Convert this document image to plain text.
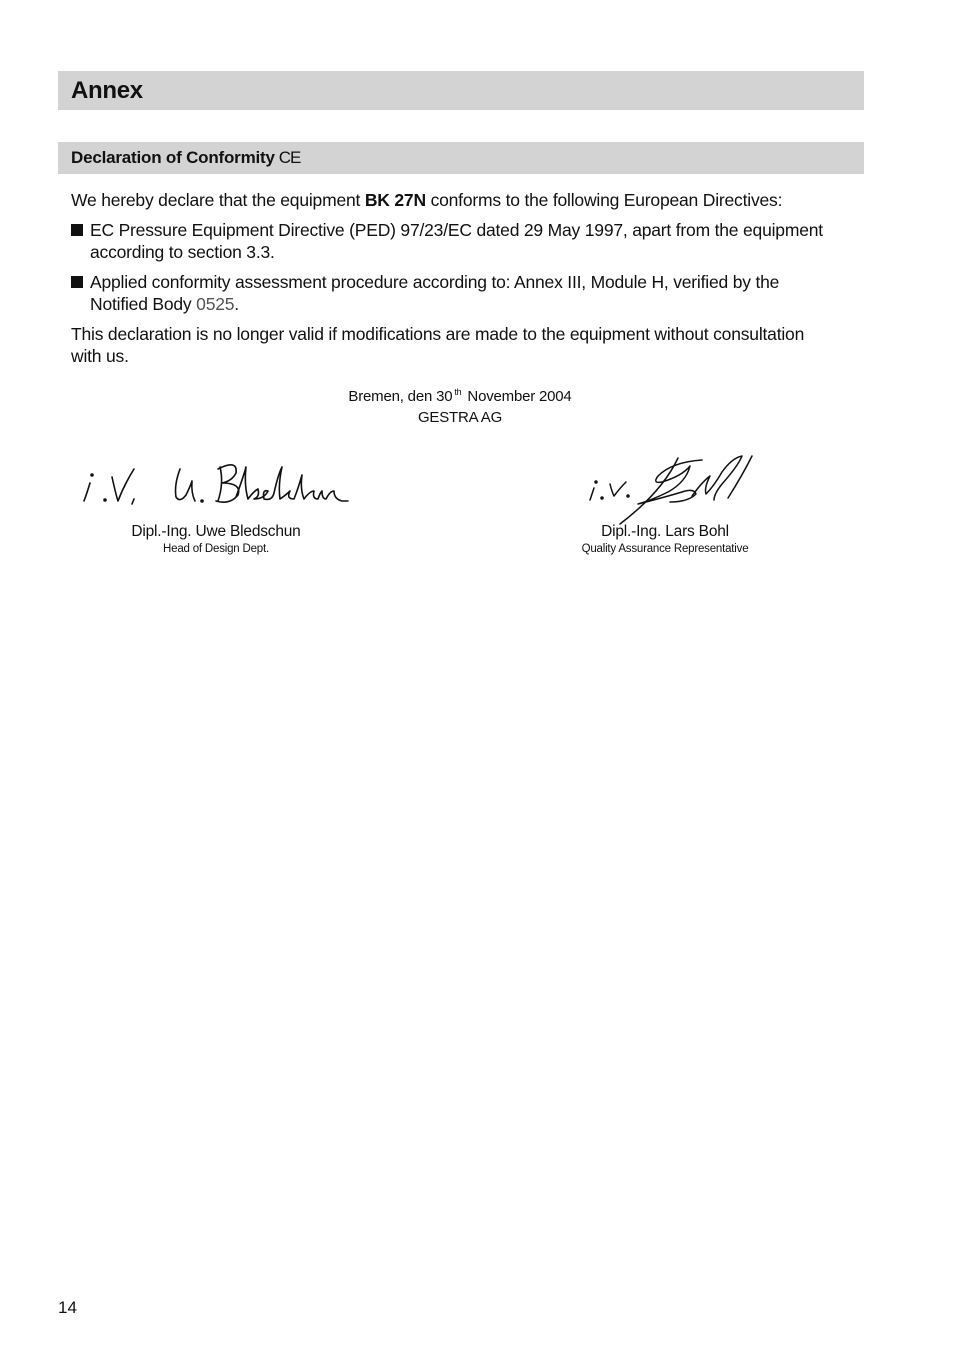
Annex
Declaration of Conformity CE
We hereby declare that the equipment BK 27N conforms to the following European Directives:
EC Pressure Equipment Directive (PED) 97/23/EC dated 29 May 1997, apart from the equipment according to section 3.3.
Applied conformity assessment procedure according to: Annex III, Module H, verified by the Notified Body 0525.
This declaration is no longer valid if modifications are made to the equipment without consultation with us.
Bremen, den 30 $^{th}$ November 2004
GESTRA AG
Dipl.-Ing. Uwe Bledschun
Head of Design Dept.
Dipl.-Ing. Lars Bohl
Quality Assurance Representative
14
